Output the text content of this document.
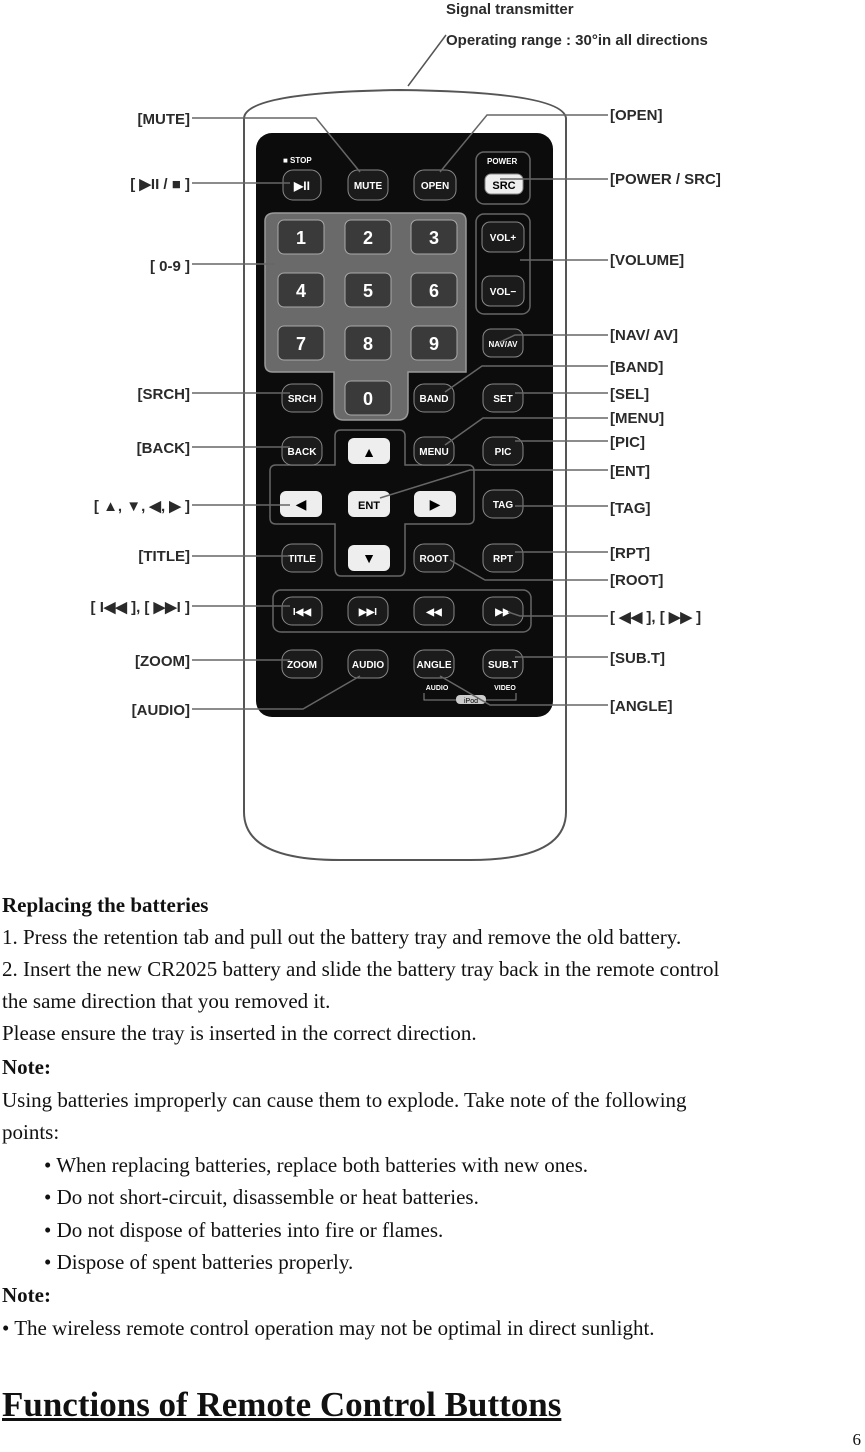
Signal transmitter
Operating range : 30°in all directions
■ STOP	POWER
▶II	MUTE	OPEN	SRC
1	2	3
4	5	6
7	8	9
0
VOL+
VOL−
NAV/AV
SRCH	BAND	SET
BACK	▲	MENU	PIC
◀	ENT	▶	TAG
TITLE	▼	ROOT	RPT
I◀◀	▶▶I	◀◀	▶▶
ZOOM	AUDIO	ANGLE	SUB.T
AUDIO	VIDEO
iPod
[MUTE]
[ ▶II / ■ ]
[ 0-9 ]
[SRCH]
[BACK]
[ ▲, ▼, ◀, ▶ ]
[TITLE]
[ I◀◀ ], [ ▶▶I ]
[ZOOM]
[AUDIO]
[OPEN]
[POWER / SRC]
[VOLUME]
[NAV/ AV]
[BAND]
[SEL]
[MENU]
[PIC]
[ENT]
[TAG]
[RPT]
[ROOT]
[ ◀◀ ], [ ▶▶ ]
[SUB.T]
[ANGLE]
Replacing the batteries
1. Press the retention tab and pull out the battery tray and remove the old battery.
2. Insert the new CR2025 battery and slide the battery tray back in the remote control
the same direction that you removed it.
Please ensure the tray is inserted in the correct direction.
Note:
Using batteries improperly can cause them to explode. Take note of the following
points:
• When replacing batteries, replace both batteries with new ones.
• Do not short-circuit, disassemble or heat batteries.
• Do not dispose of batteries into fire or flames.
• Dispose of spent batteries properly.
Note:
• The wireless remote control operation may not be optimal in direct sunlight.
Functions of Remote Control Buttons
6
